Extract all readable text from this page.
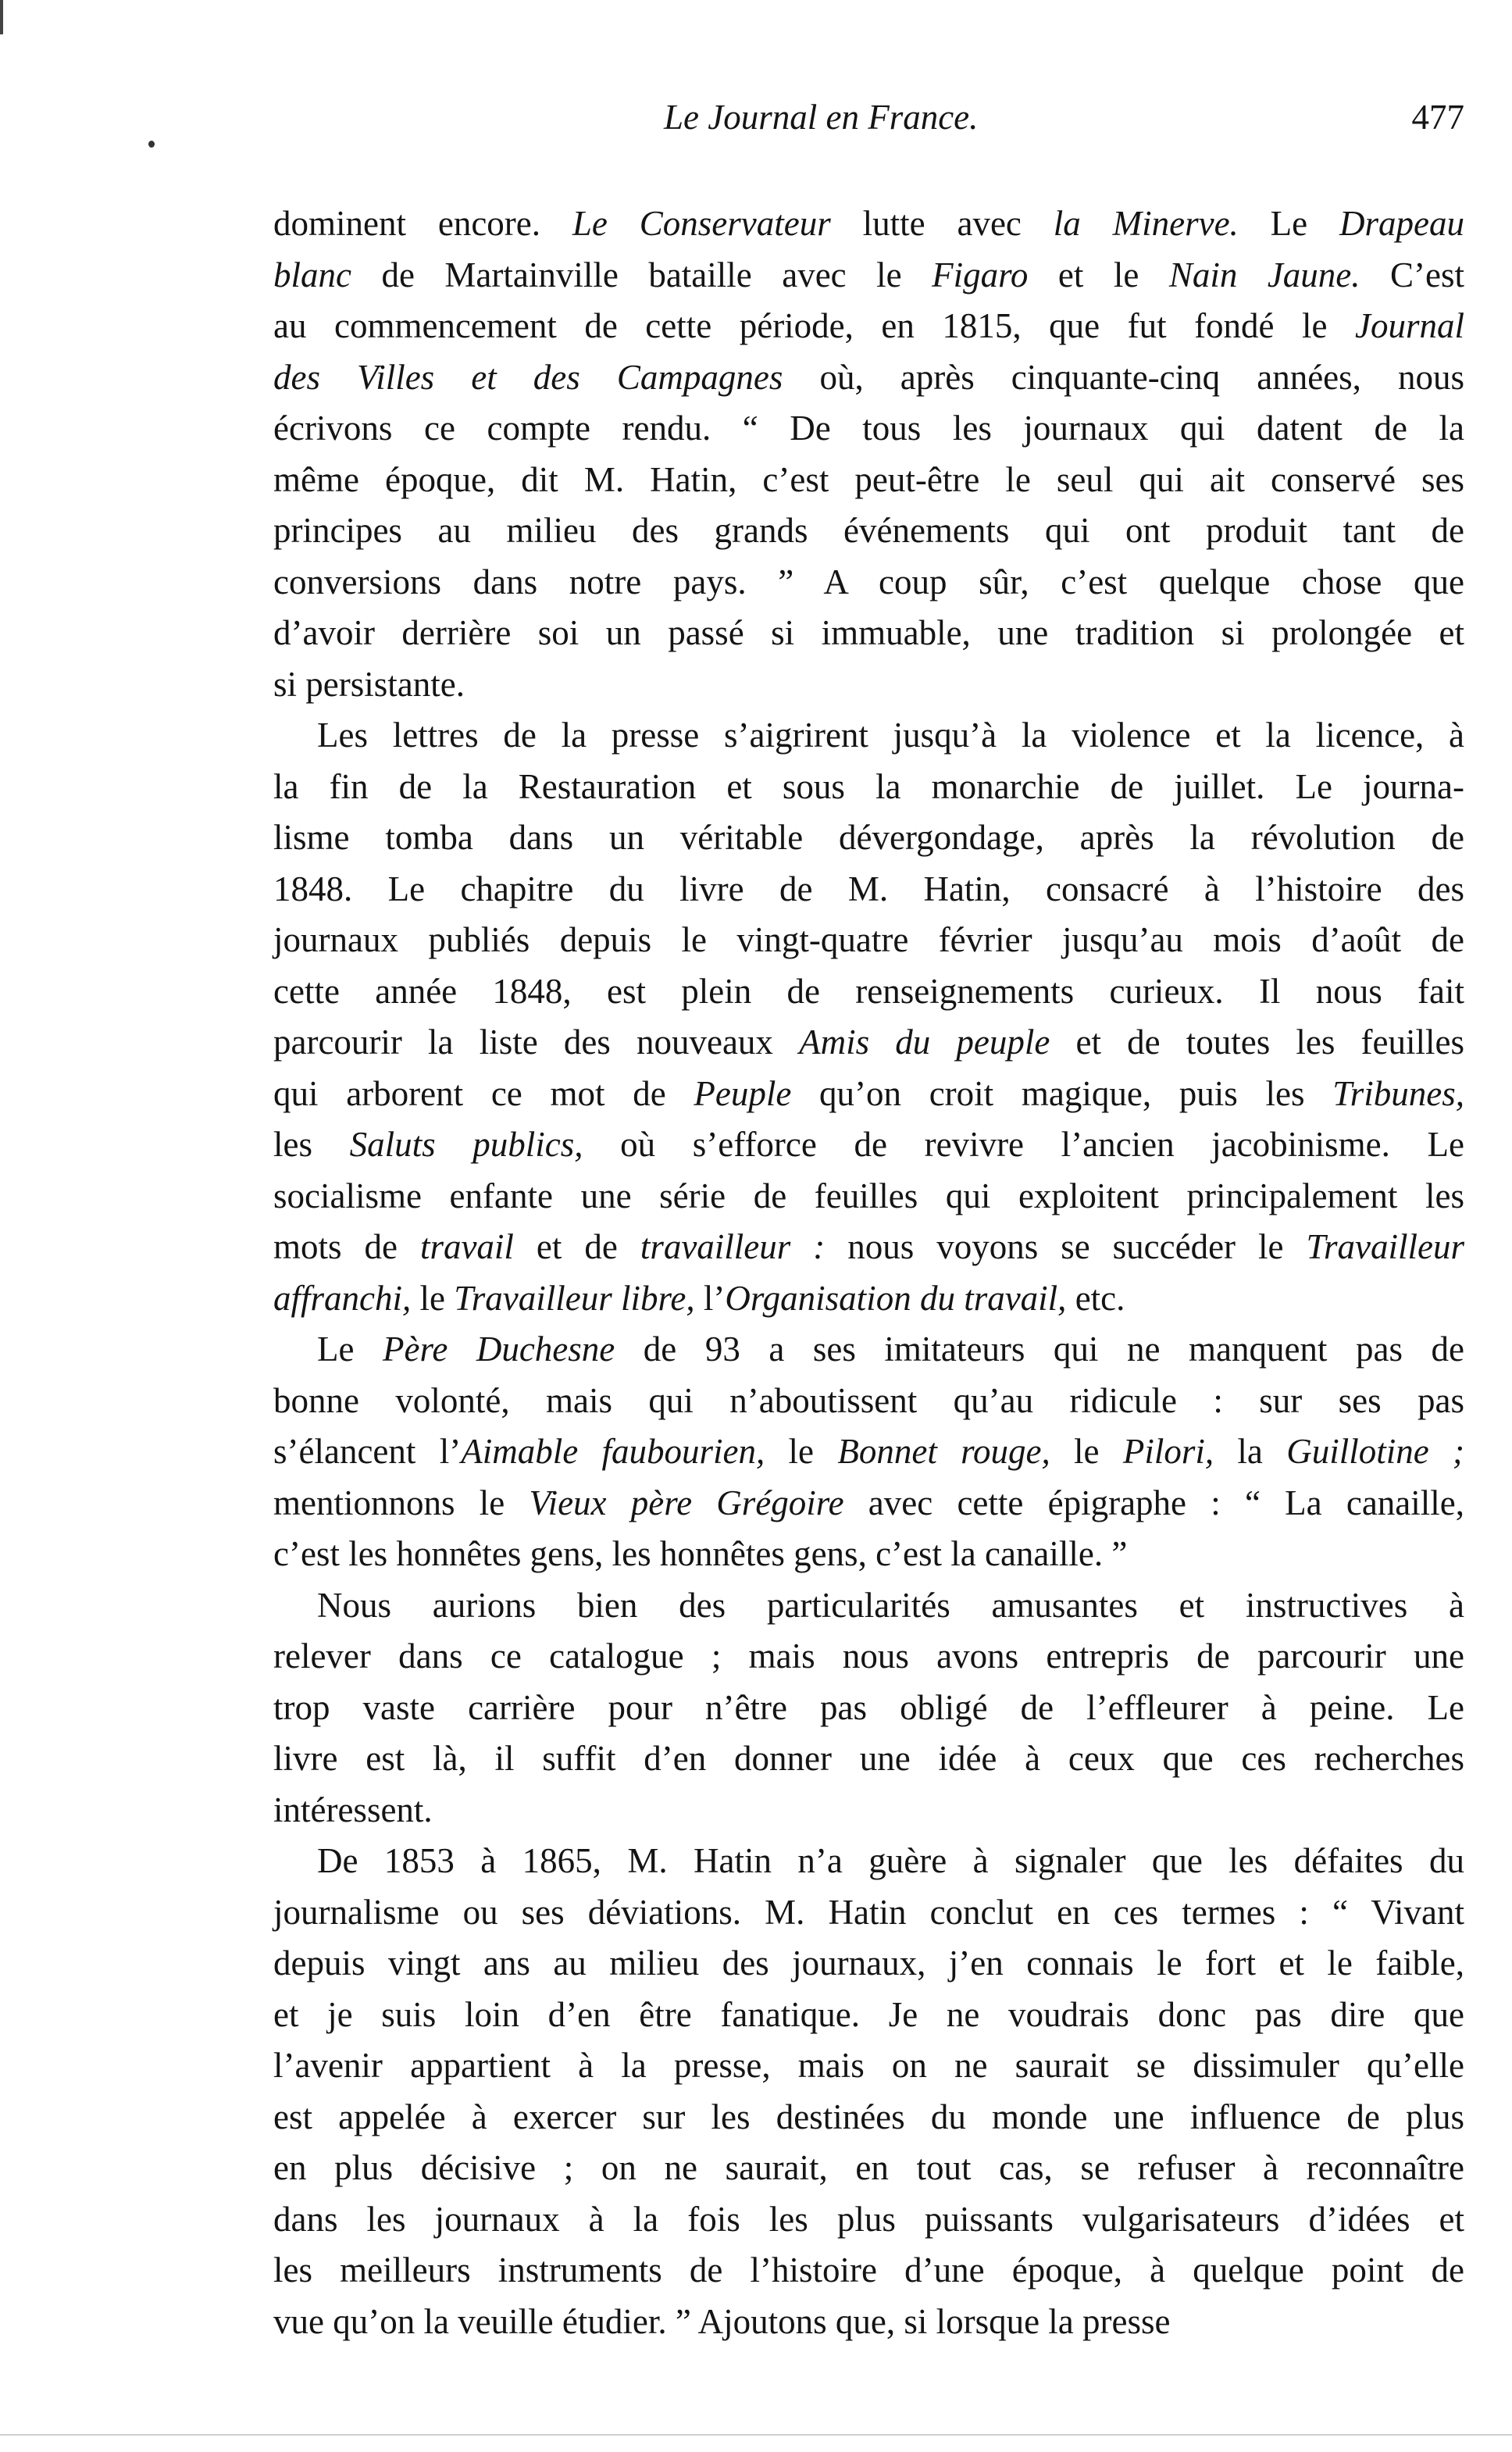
Le Journal en France.	477
dominent encore. Le Conservateur lutte avec la Minerve. Le Drapeau
blanc de Martainville bataille avec le Figaro et le Nain Jaune. C’est
au commencement de cette période, en 1815, que fut fondé le Journal
des Villes et des Campagnes où, après cinquante-cinq années, nous
écrivons ce compte rendu. “ De tous les journaux qui datent de la
même époque, dit M. Hatin, c’est peut-être le seul qui ait conservé ses
principes au milieu des grands événements qui ont produit tant de
conversions dans notre pays. ” A coup sûr, c’est quelque chose que
d’avoir derrière soi un passé si immuable, une tradition si prolongée et
si persistante.
Les lettres de la presse s’aigrirent jusqu’à la violence et la licence, à
la fin de la Restauration et sous la monarchie de juillet. Le journa-
lisme tomba dans un véritable dévergondage, après la révolution de
1848. Le chapitre du livre de M. Hatin, consacré à l’histoire des
journaux publiés depuis le vingt-quatre février jusqu’au mois d’août de
cette année 1848, est plein de renseignements curieux. Il nous fait
parcourir la liste des nouveaux Amis du peuple et de toutes les feuilles
qui arborent ce mot de Peuple qu’on croit magique, puis les Tribunes,
les Saluts publics, où s’efforce de revivre l’ancien jacobinisme. Le
socialisme enfante une série de feuilles qui exploitent principalement les
mots de travail et de travailleur : nous voyons se succéder le Travailleur
affranchi, le Travailleur libre, l’Organisation du travail, etc.
Le Père Duchesne de 93 a ses imitateurs qui ne manquent pas de
bonne volonté, mais qui n’aboutissent qu’au ridicule : sur ses pas
s’élancent l’Aimable faubourien, le Bonnet rouge, le Pilori, la Guillotine ;
mentionnons le Vieux père Grégoire avec cette épigraphe : “ La canaille,
c’est les honnêtes gens, les honnêtes gens, c’est la canaille. ”
Nous aurions bien des particularités amusantes et instructives à
relever dans ce catalogue ; mais nous avons entrepris de parcourir une
trop vaste carrière pour n’être pas obligé de l’effleurer à peine. Le
livre est là, il suffit d’en donner une idée à ceux que ces recherches
intéressent.
De 1853 à 1865, M. Hatin n’a guère à signaler que les défaites du
journalisme ou ses déviations. M. Hatin conclut en ces termes : “ Vivant
depuis vingt ans au milieu des journaux, j’en connais le fort et le faible,
et je suis loin d’en être fanatique. Je ne voudrais donc pas dire que
l’avenir appartient à la presse, mais on ne saurait se dissimuler qu’elle
est appelée à exercer sur les destinées du monde une influence de plus
en plus décisive ; on ne saurait, en tout cas, se refuser à reconnaître
dans les journaux à la fois les plus puissants vulgarisateurs d’idées et
les meilleurs instruments de l’histoire d’une époque, à quelque point de
vue qu’on la veuille étudier. ” Ajoutons que, si lorsque la presse
